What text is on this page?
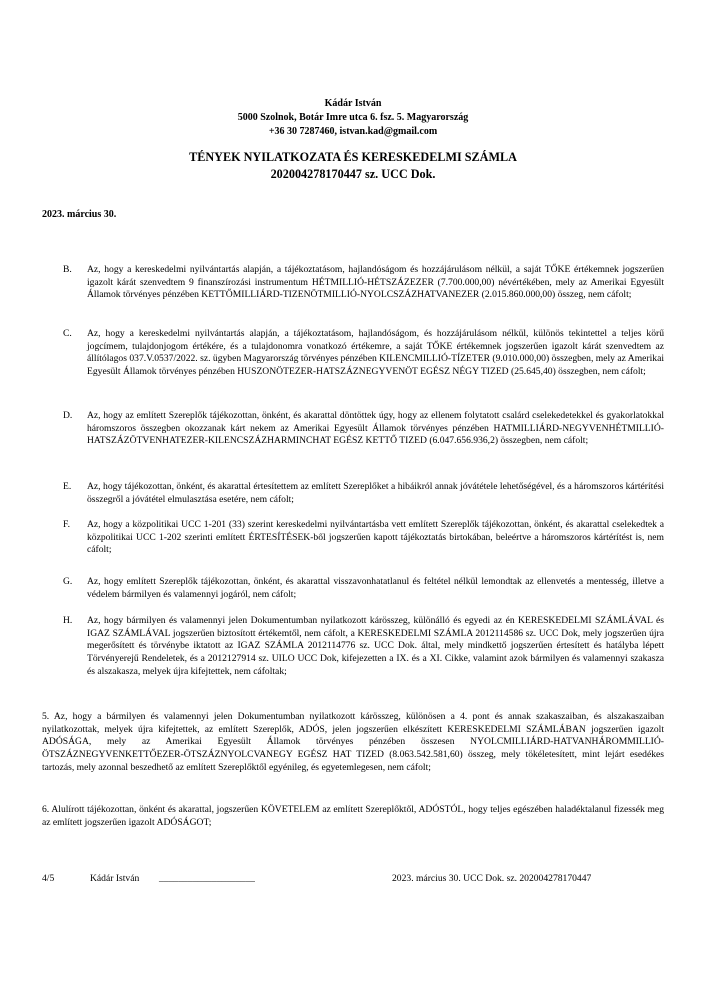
Kádár István
5000 Szolnok, Botár Imre utca 6. fsz. 5. Magyarország
+36 30 7287460, istvan.kad@gmail.com
TÉNYEK NYILATKOZATA ÉS KERESKEDELMI SZÁMLA
202004278170447 sz. UCC Dok.
2023. március 30.
B. Az, hogy a kereskedelmi nyilvántartás alapján, a tájékoztatásom, hajlandóságom és hozzájárulásom nélkül, a saját TŐKE értékemnek jogszerűen igazolt kárát szenvedtem 9 finanszírozási instrumentum HÉTMILLIÓ-HÉTSZÁZEZER (7.700.000,00) névértékében, mely az Amerikai Egyesült Államok törvényes pénzében KETTŐMILLIÁRD-TIZENÖTMILLIÓ-NYOLCSZÁZHATVANEZER (2.015.860.000,00) összeg, nem cáfolt;
C. Az, hogy a kereskedelmi nyilvántartás alapján, a tájékoztatásom, hajlandóságom, és hozzájárulásom nélkül, különös tekintettel a teljes körű jogcímem, tulajdonjogom értékére, és a tulajdonomra vonatkozó értékemre, a saját TŐKE értékemnek jogszerűen igazolt kárát szenvedtem az állítólagos 037.V.0537/2022. sz. ügyben Magyarország törvényes pénzében KILENCMILLIÓ-TÍZETER (9.010.000,00) összegben, mely az Amerikai Egyesült Államok törvényes pénzében HUSZONÖTEZER-HATSZÁZNEGYVENÖT EGÉSZ NÉGY TIZED (25.645,40) összegben, nem cáfolt;
D. Az, hogy az említett Szereplők tájékozottan, önként, és akarattal döntöttek úgy, hogy az ellenem folytatott csalárd cselekedetekkel és gyakorlatokkal háromszoros összegben okozzanak kárt nekem az Amerikai Egyesült Államok törvényes pénzében HATMILLIÁRD-NEGYVENHÉTMILLIÓ-HATSZÁZÖTVENHATEZER-KILENCSZÁZHARMINCHAT EGÉSZ KETTŐ TIZED (6.047.656.936,2) összegben, nem cáfolt;
E. Az, hogy tájékozottan, önként, és akarattal értesítettem az említett Szereplőket a hibáikról annak jóvátétele lehetőségével, és a háromszoros kártérítési összegről a jóvátétel elmulasztása esetére, nem cáfolt;
F. Az, hogy a közpolitikai UCC 1-201 (33) szerint kereskedelmi nyilvántartásba vett említett Szereplők tájékozottan, önként, és akarattal cselekedtek a közpolitikai UCC 1-202 szerinti említett ÉRTESÍTÉSEK-ből jogszerűen kapott tájékoztatás birtokában, beleértve a háromszoros kártérítést is, nem cáfolt;
G. Az, hogy említett Szereplők tájékozottan, önként, és akarattal visszavonhatatlanul és feltétel nélkül lemondtak az ellenvetés a mentesség, illetve a védelem bármilyen és valamennyi jogáról, nem cáfolt;
H. Az, hogy bármilyen és valamennyi jelen Dokumentumban nyilatkozott kárösszeg, különálló és egyedi az én KERESKEDELMI SZÁMLÁVAL és IGAZ SZÁMLÁVAL jogszerűen biztosított értékemtől, nem cáfolt, a KERESKEDELMI SZÁMLA 2012114586 sz. UCC Dok, mely jogszerűen újra megerősített és törvénybe iktatott az IGAZ SZÁMLA 2012114776 sz. UCC Dok. által, mely mindkettő jogszerűen értesített és hatályba lépett Törvényerejű Rendeletek, és a 2012127914 sz. UILO UCC Dok, kifejezetten a IX. és a XI. Cikke, valamint azok bármilyen és valamennyi szakasza és alszakasza, melyek újra kifejtettek, nem cáfoltak;
5. Az, hogy a bármilyen és valamennyi jelen Dokumentumban nyilatkozott kárösszeg, különösen a 4. pont és annak szakaszaiban, és alszakaszaiban nyilatkozottak, melyek újra kifejtettek, az említett Szereplők, ADÓS, jelen jogszerűen elkészített KERESKEDELMI SZÁMLÁBAN jogszerűen igazolt ADÓSÁGA, mely az Amerikai Egyesült Államok törvényes pénzében összesen NYOLCMILLIÁRD-HATVANHÁROMMILLIÓ-ÖTSZÁZNEGYVENKETTŐEZER-ÖTSZÁZNYOLCVANEGY EGÉSZ HAT TIZED (8.063.542.581,60) összeg, mely tökéletesített, mint lejárt esedékes tartozás, mely azonnal beszedhető az említett Szereplőktől egyénileg, és egyetemlegesen, nem cáfolt;
6. Alulírott tájékozottan, önként és akarattal, jogszerűen KÖVETELEM az említett Szereplőktől, ADÓSTÓL, hogy teljes egészében haladéktalanul fizessék meg az említett jogszerűen igazolt ADÓSÁGOT;
4/5	Kádár István ____________________	2023. március 30. UCC Dok. sz. 202004278170447
